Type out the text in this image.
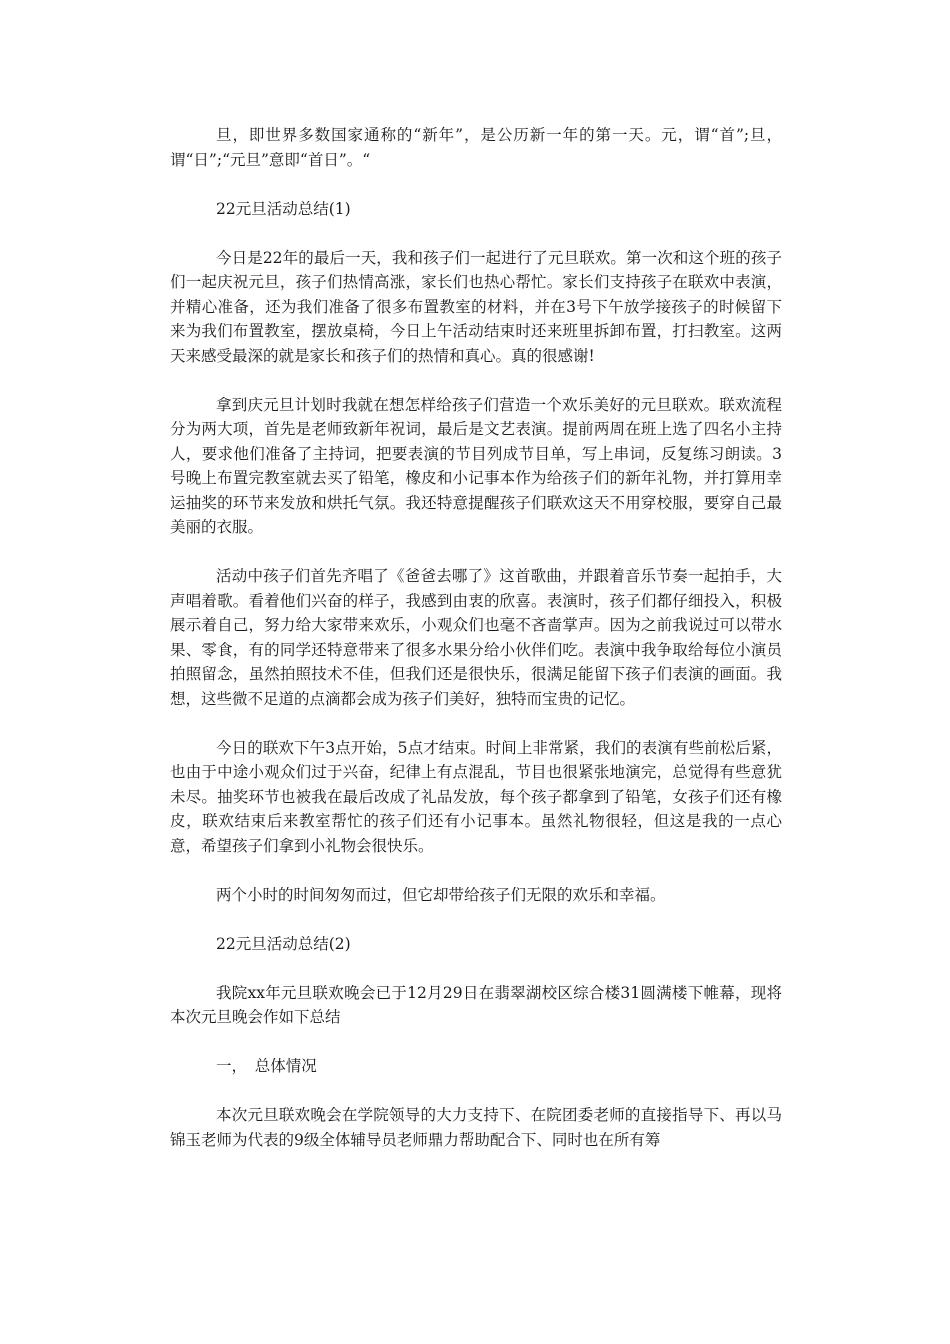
旦，即世界多数国家通称的“新年”，是公历新一年的第一天。元，谓“首”;旦，谓“日”;“元旦”意即“首日”。“

22元旦活动总结(1)

今日是22年的最后一天，我和孩子们一起进行了元旦联欢。第一次和这个班的孩子们一起庆祝元旦，孩子们热情高涨，家长们也热心帮忙。家长们支持孩子在联欢中表演，并精心准备，还为我们准备了很多布置教室的材料，并在3号下午放学接孩子的时候留下来为我们布置教室，摆放桌椅，今日上午活动结束时还来班里拆卸布置，打扫教室。这两天来感受最深的就是家长和孩子们的热情和真心。真的很感谢!

拿到庆元旦计划时我就在想怎样给孩子们营造一个欢乐美好的元旦联欢。联欢流程分为两大项，首先是老师致新年祝词，最后是文艺表演。提前两周在班上选了四名小主持人，要求他们准备了主持词，把要表演的节目列成节目单，写上串词，反复练习朗读。3号晚上布置完教室就去买了铅笔，橡皮和小记事本作为给孩子们的新年礼物，并打算用幸运抽奖的环节来发放和烘托气氛。我还特意提醒孩子们联欢这天不用穿校服，要穿自己最美丽的衣服。

活动中孩子们首先齐唱了《爸爸去哪了》这首歌曲，并跟着音乐节奏一起拍手，大声唱着歌。看着他们兴奋的样子，我感到由衷的欣喜。表演时，孩子们都仔细投入，积极展示着自己，努力给大家带来欢乐，小观众们也毫不吝啬掌声。因为之前我说过可以带水果、零食，有的同学还特意带来了很多水果分给小伙伴们吃。表演中我争取给每位小演员拍照留念，虽然拍照技术不佳，但我们还是很快乐，很满足能留下孩子们表演的画面。我想，这些微不足道的点滴都会成为孩子们美好，独特而宝贵的记忆。

今日的联欢下午3点开始，5点才结束。时间上非常紧，我们的表演有些前松后紧，也由于中途小观众们过于兴奋，纪律上有点混乱，节目也很紧张地演完，总觉得有些意犹未尽。抽奖环节也被我在最后改成了礼品发放，每个孩子都拿到了铅笔，女孩子们还有橡皮，联欢结束后来教室帮忙的孩子们还有小记事本。虽然礼物很轻，但这是我的一点心意，希望孩子们拿到小礼物会很快乐。

两个小时的时间匆匆而过，但它却带给孩子们无限的欢乐和幸福。

22元旦活动总结(2)

我院xx年元旦联欢晚会已于12月29日在翡翠湖校区综合楼31圆满楼下帷幕，现将本次元旦晚会作如下总结

一，　总体情况

本次元旦联欢晚会在学院领导的大力支持下、在院团委老师的直接指导下、再以马锦玉老师为代表的9级全体辅导员老师鼎力帮助配合下、同时也在所有筹
